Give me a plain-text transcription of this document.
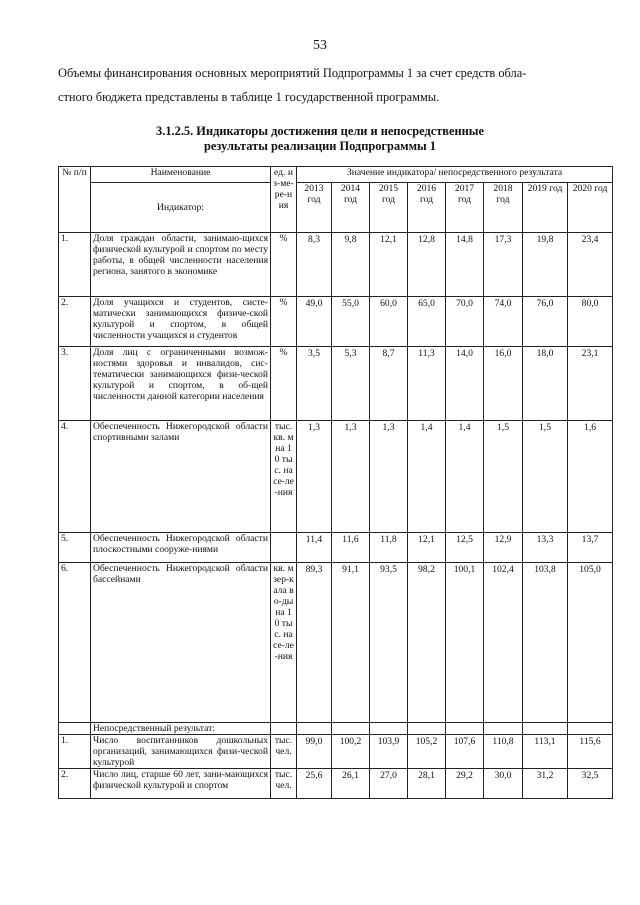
53
Объемы финансирования основных мероприятий Подпрограммы 1 за счет средств обла-
стного бюджета представлены в таблице 1 государственной программы.
3.1.2.5. Индикаторы достижения цели и непосредственные
результаты реализации Подпрограммы 1
№ п/п	Наименование	ед. из-ме-ре-ния	Значение индикатора/ непосредственного результата							
	Индикатор:		2013 год	2014 год	2015 год	2016 год	2017 год	2018 год	2019 год	2020 год
1.	Доля граждан области, занимаю-щихся физической культурой и спортом по месту работы, в общей численности населения региона, занятого в экономике	%	8,3	9,8	12,1	12,8	14,8	17,3	19,8	23,4
2.	Доля учащихся и студентов, систе-матически занимающихся физиче-ской культурой и спортом, в общей численности учащихся и студентов	%	49,0	55,0	60,0	65,0	70,0	74,0	76,0	80,0
3.	Доля лиц с ограниченными возмож-ностями здоровья и инвалидов, сис-тематически занимающихся физи-ческой культурой и спортом, в об-щей численности данной категории населения	%	3,5	5,3	8,7	11,3	14,0	16,0	18,0	23,1
4.	Обеспеченность Нижегородской области спортивными залами	тыс. кв. м на 10 тыс. насе-ле-ния	1,3	1,3	1,3	1,4	1,4	1,5	1,5	1,6
5.	Обеспеченность Нижегородской области плоскостными сооруже-ниями		11,4	11,6	11,8	12,1	12,5	12,9	13,3	13,7
6.	Обеспеченность Нижегородской области бассейнами	кв. м зер-кала во-ды на 10 тыс. насе-ле-ния	89,3	91,1	93,5	98,2	100,1	102,4	103,8	105,0
	Непосредственный результат:									
1.	Число воспитанников дошкольных организаций, занимающихся физи-ческой культурой	тыс. чел.	99,0	100,2	103,9	105,2	107,6	110,8	113,1	115,6
2.	Число лиц, старше 60 лет, зани-мающихся физической культурой и спортом	тыс. чел.	25,6	26,1	27,0	28,1	29,2	30,0	31,2	32,5
